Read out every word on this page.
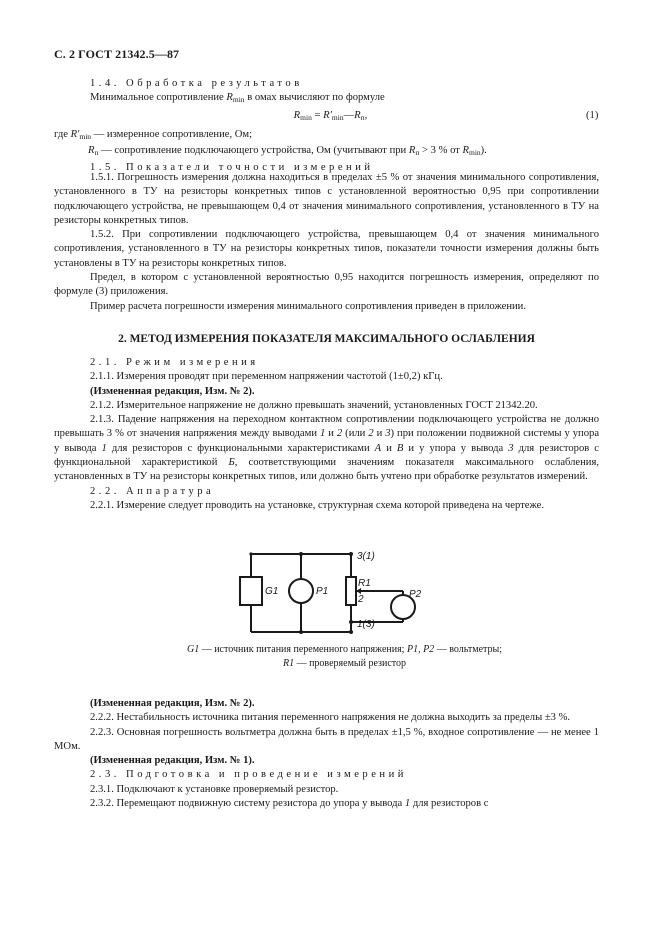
С. 2 ГОСТ 21342.5—87

1.4. Обработка результатов

Минимальное сопротивление $R_{min}$ в омах вычисляют по формуле

$R_{min}$ = $R'_{min}—R_п$,	(1)

где $R'_{min}$ — измеренное сопротивление, Ом;

$R_п$ — сопротивление подключающего устройства, Ом (учитывают при $R_п > 3$ % от $R_{min}$).

1.5. Показатели точности измерений

1.5.1. Погрешность измерения должна находиться в пределах ±5 % от значения минимального сопротивления, установленного в ТУ на резисторы конкретных типов с установленной вероятностью 0,95 при сопротивлении подключающего устройства, не превышающем 0,4 от значения минимального сопротивления, установленного в ТУ на резисторы конкретных типов.

1.5.2. При сопротивлении подключающего устройства, превышающем 0,4 от значения минимального сопротивления, установленного в ТУ на резисторы конкретных типов, показатели точности измерения должны быть установлены в ТУ на резисторы конкретных типов.

Предел, в котором с установленной вероятностью 0,95 находится погрешность измерения, определяют по формуле (3) приложения.

Пример расчета погрешности измерения минимального сопротивления приведен в приложении.

2. МЕТОД ИЗМЕРЕНИЯ ПОКАЗАТЕЛЯ МАКСИМАЛЬНОГО ОСЛАБЛЕНИЯ

2.1. Режим измерения

2.1.1. Измерения проводят при переменном напряжении частотой (1±0,2) кГц.

(Измененная редакция, Изм. № 2).

2.1.2. Измерительное напряжение не должно превышать значений, установленных ГОСТ 21342.20.

2.1.3. Падение напряжения на переходном контактном сопротивлении подключающего устройства не должно превышать 3 % от значения напряжения между выводами 1 и 2 (или 2 и 3) при положении подвижной системы у упора у вывода 1 для резисторов с функциональными характеристиками А и В и у упора у вывода 3 для резисторов с функциональной характеристикой Б, соответствующими значениям показателя максимального ослабления, установленных в ТУ на резисторы конкретных типов, или должно быть учтено при обработке результатов измерений.

2.2. Аппаратура

2.2.1. Измерение следует проводить на установке, структурная схема которой приведена на чертеже.

G1	P1	P2
R1
2
3(1)
1(3)
G1 — источник питания переменного напряжения; P1, P2 — вольтметры;
R1 — проверяемый резистор

(Измененная редакция, Изм. № 2).

2.2.2. Нестабильность источника питания переменного напряжения не должна выходить за пределы ±3 %.

2.2.3. Основная погрешность вольтметра должна быть в пределах ±1,5 %, входное сопротивление — не менее 1 МОм.

(Измененная редакция, Изм. № 1).

2.3. Подготовка и проведение измерений

2.3.1. Подключают к установке проверяемый резистор.

2.3.2. Перемещают подвижную систему резистора до упора у вывода 1 для резисторов с
